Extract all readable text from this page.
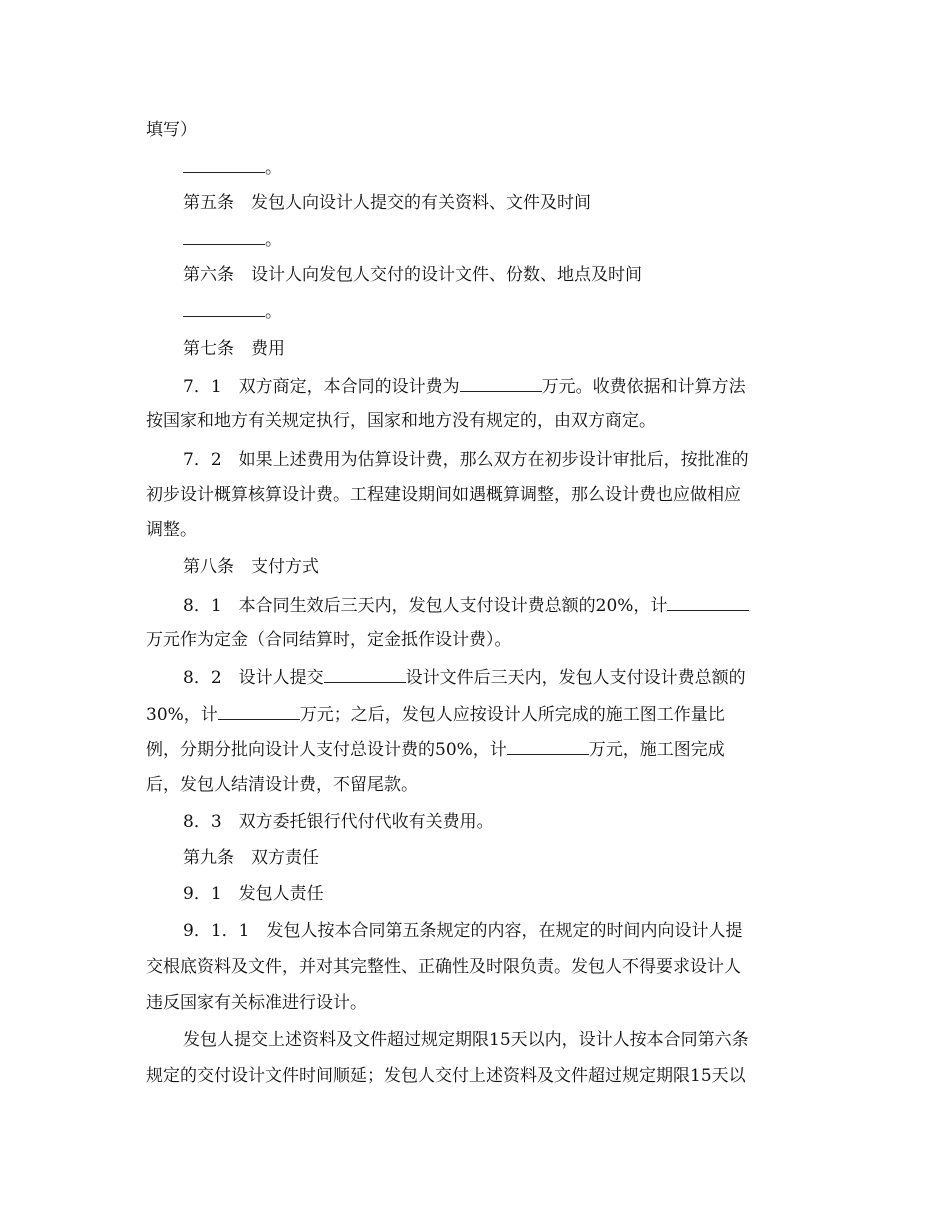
填写）
。
第五条　发包人向设计人提交的有关资料、文件及时间
。
第六条　设计人向发包人交付的设计文件、份数、地点及时间
。
第七条　费用
7．1　双方商定，本合同的设计费为	万元。收费依据和计算方法
按国家和地方有关规定执行，国家和地方没有规定的，由双方商定。
7．2　如果上述费用为估算设计费，那么双方在初步设计审批后，按批准的
初步设计概算核算设计费。工程建设期间如遇概算调整，那么设计费也应做相应
调整。
第八条　支付方式
8．1　本合同生效后三天内，发包人支付设计费总额的20%，计
万元作为定金（合同结算时，定金抵作设计费）。
8．2　设计人提交	设计文件后三天内，发包人支付设计费总额的
30%，计	万元；之后，发包人应按设计人所完成的施工图工作量比
例，分期分批向设计人支付总设计费的50%，计	万元，施工图完成
后，发包人结清设计费，不留尾款。
8．3　双方委托银行代付代收有关费用。
第九条　双方责任
9．1　发包人责任
9．1．1　发包人按本合同第五条规定的内容，在规定的时间内向设计人提
交根底资料及文件，并对其完整性、正确性及时限负责。发包人不得要求设计人
违反国家有关标准进行设计。
发包人提交上述资料及文件超过规定期限15天以内，设计人按本合同第六条
规定的交付设计文件时间顺延；发包人交付上述资料及文件超过规定期限15天以
